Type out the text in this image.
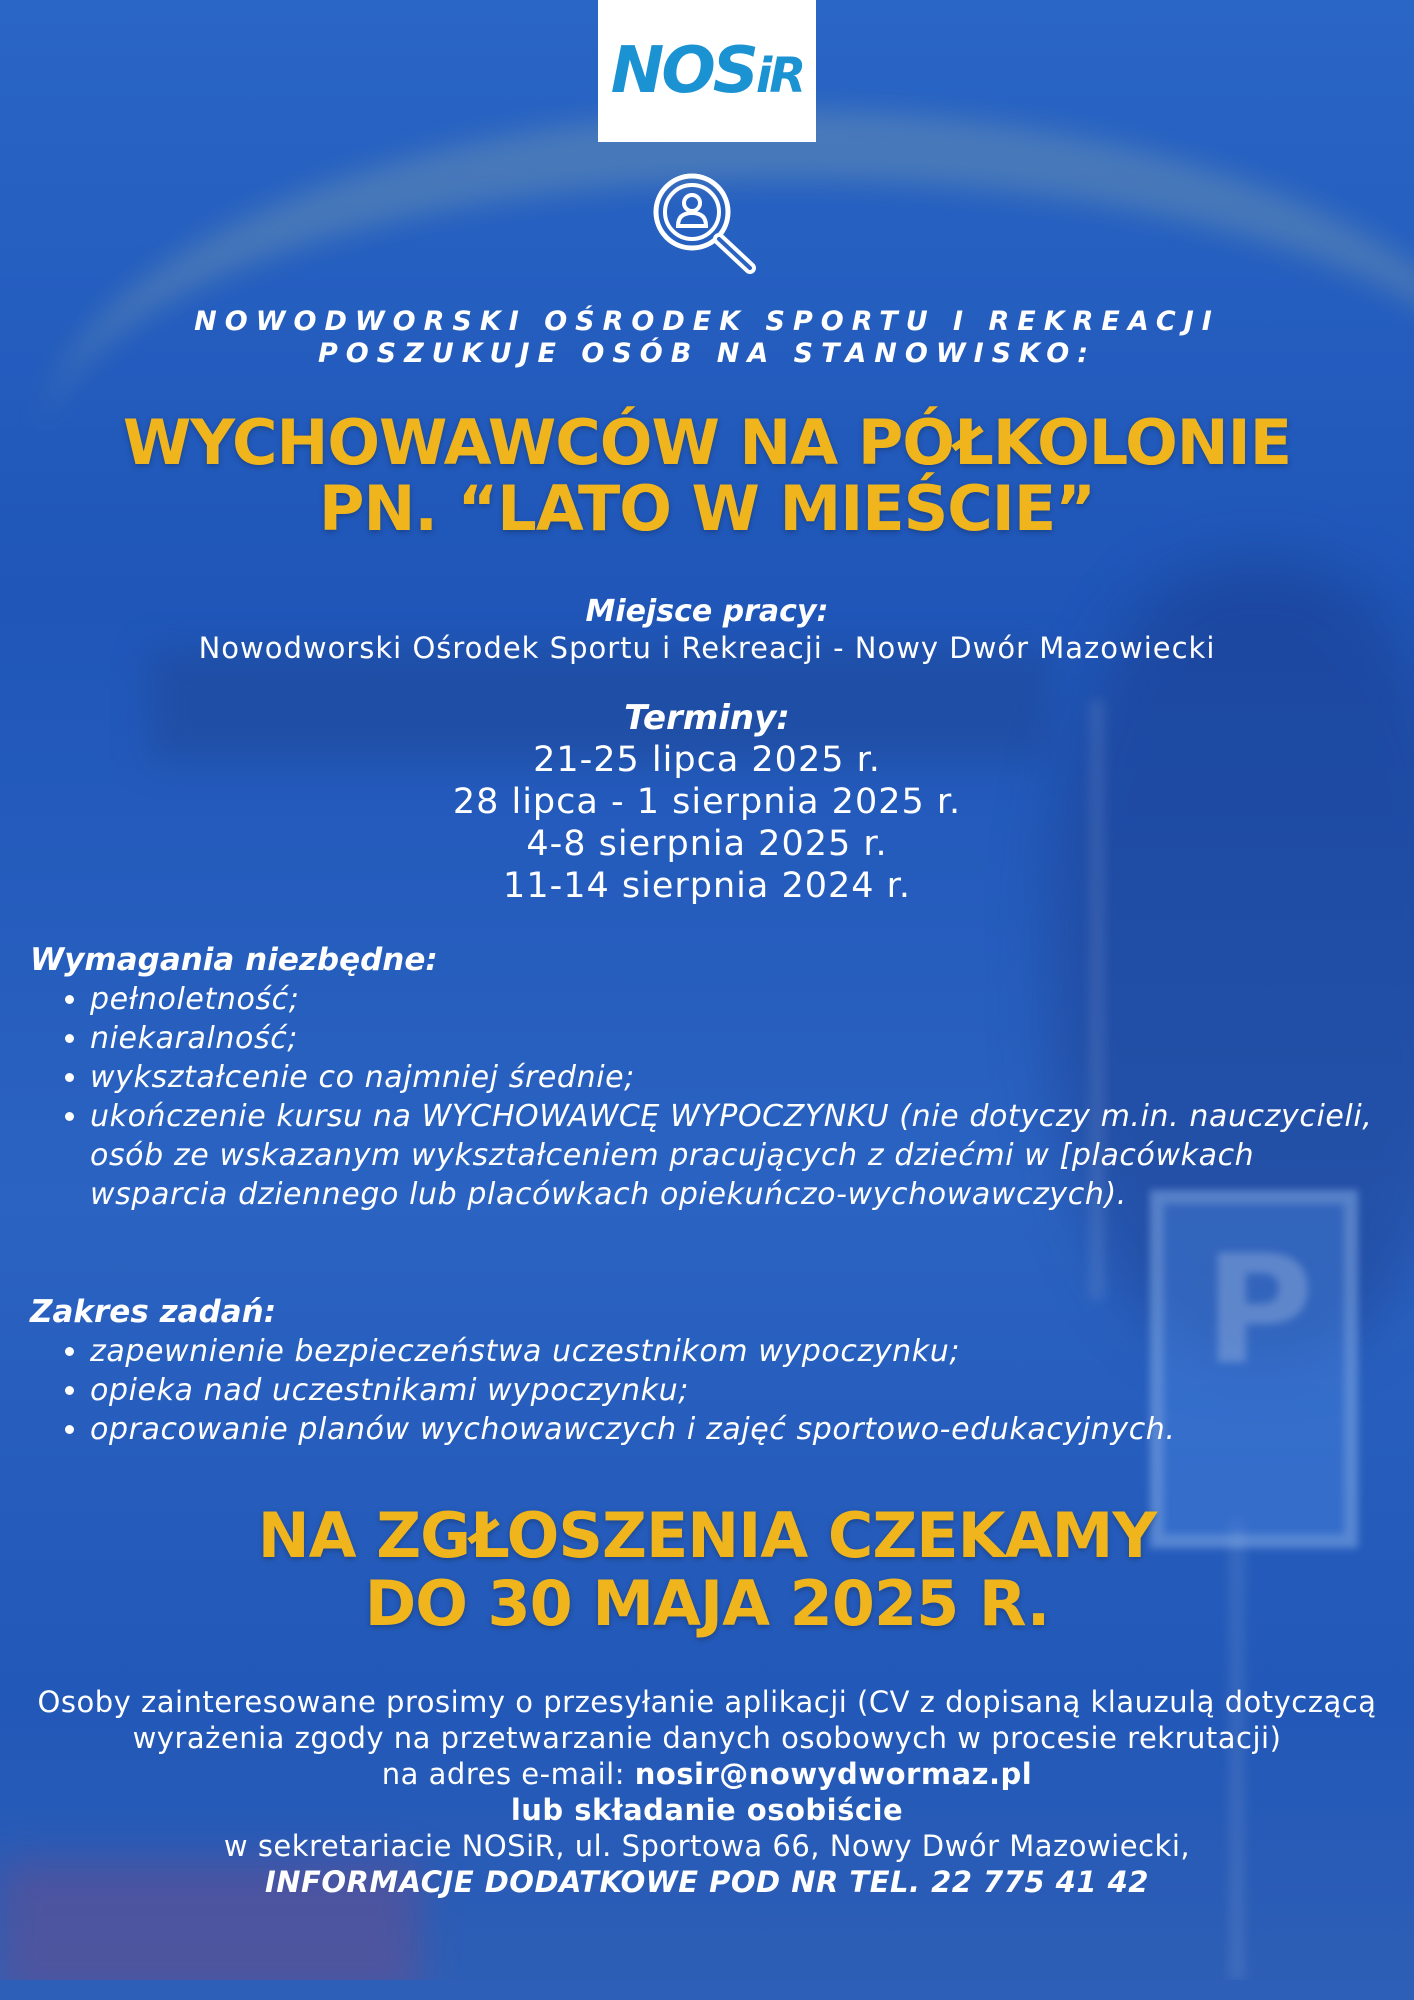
P
NOSiR
NOWODWORSKI OŚRODEK SPORTU I REKREACJI
POSZUKUJE OSÓB NA STANOWISKO:
WYCHOWAWCÓW NA PÓŁKOLONIE
PN. “LATO W MIEŚCIE”
Miejsce pracy:
Nowodworski Ośrodek Sportu i Rekreacji - Nowy Dwór Mazowiecki
Terminy:
21-25 lipca 2025 r.
28 lipca - 1 sierpnia 2025 r.
4-8 sierpnia 2025 r.
11-14 sierpnia 2024 r.
Wymagania niezbędne:
• pełnoletność;
• niekaralność;
• wykształcenie co najmniej średnie;
• ukończenie kursu na WYCHOWAWCĘ WYPOCZYNKU (nie dotyczy m.in. nauczycieli, osób ze wskazanym wykształceniem pracujących z dziećmi w [placówkach wsparcia dziennego lub placówkach opiekuńczo-wychowawczych).
Zakres zadań:
• zapewnienie bezpieczeństwa uczestnikom wypoczynku;
• opieka nad uczestnikami wypoczynku;
• opracowanie planów wychowawczych i zajęć sportowo-edukacyjnych.
NA ZGŁOSZENIA CZEKAMY
DO 30 MAJA 2025 R.
Osoby zainteresowane prosimy o przesyłanie aplikacji (CV z dopisaną klauzulą dotyczącą wyrażenia zgody na przetwarzanie danych osobowych w procesie rekrutacji)
na adres e-mail: nosir@nowydwormaz.pl
lub składanie osobiście
w sekretariacie NOSiR, ul. Sportowa 66, Nowy Dwór Mazowiecki,
INFORMACJE DODATKOWE POD NR TEL. 22 775 41 42
